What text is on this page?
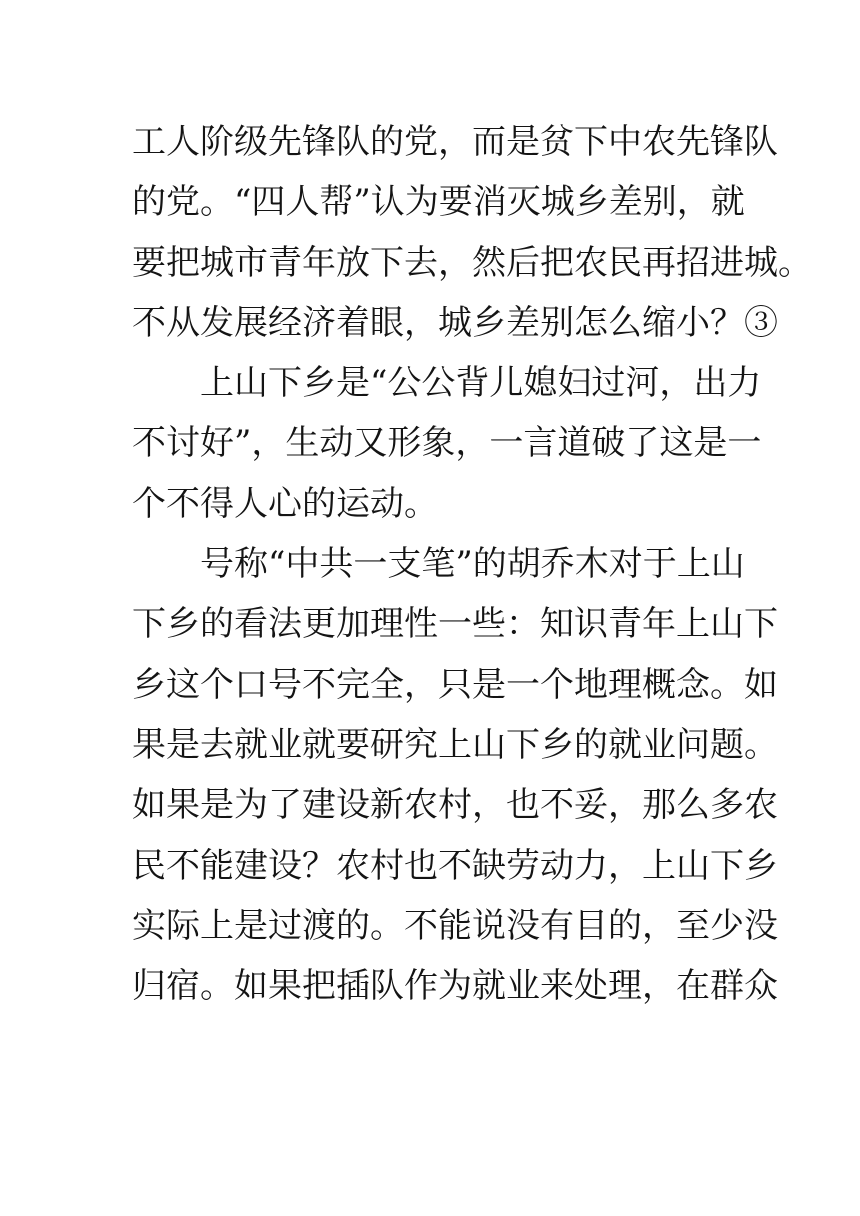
工人阶级先锋队的党，而是贫下中农先锋队
的党。“四人帮”认为要消灭城乡差别，就
要把城市青年放下去，然后把农民再招进城。
不从发展经济着眼，城乡差别怎么缩小？③
上山下乡是“公公背儿媳妇过河，出力
不讨好”，生动又形象，一言道破了这是一
个不得人心的运动。
号称“中共一支笔”的胡乔木对于上山
下乡的看法更加理性一些：知识青年上山下
乡这个口号不完全，只是一个地理概念。如
果是去就业就要研究上山下乡的就业问题。
如果是为了建设新农村，也不妥，那么多农
民不能建设？农村也不缺劳动力，上山下乡
实际上是过渡的。不能说没有目的，至少没
归宿。如果把插队作为就业来处理，在群众
